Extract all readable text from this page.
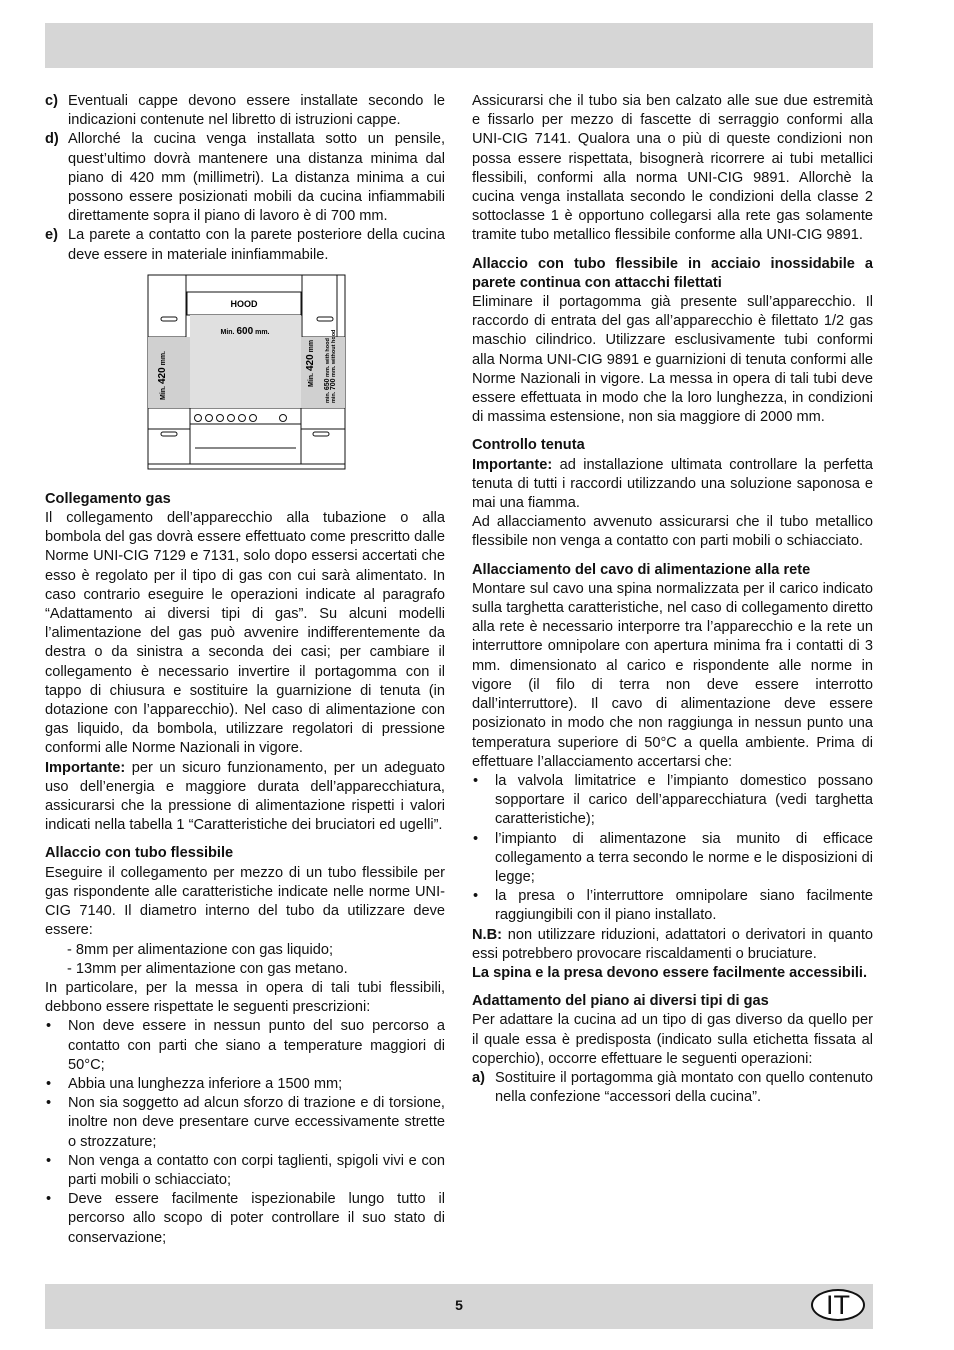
c) Eventuali cappe devono essere installate secondo le indicazioni contenute nel libretto di istruzioni cappe.
d) Allorché la cucina venga installata sotto un pensile, quest’ultimo dovrà mantenere una distanza minima dal piano di 420 mm (millimetri). La distanza minima a cui possono essere posizionati mobili da cucina infiammabili direttamente sopra il piano di lavoro è di 700 mm.
e) La parete a contatto con la parete posteriore della cucina deve essere in materiale ininfiammabile.
HOOD
Min. 600 mm.
Min. 420 mm.
Min. 420 mm
min. 650 mm. with hood
min. 700 mm. without hood

Collegamento gas

Il collegamento dell’apparecchio alla tubazione o alla bombola del gas dovrà essere effettuato come prescritto dalle Norme UNI-CIG 7129 e 7131, solo dopo essersi accertati che esso è regolato per il tipo di gas con cui sarà alimentato. In caso contrario eseguire le operazioni indicate al paragrafo “Adattamento ai diversi tipi di gas”. Su alcuni modelli l’alimentazione del gas può avvenire indifferentemente da destra o da sinistra a seconda dei casi; per cambiare il collegamento è necessario invertire il portagomma con il tappo di chiusura e sostituire la guarnizione di tenuta (in dotazione con l’apparecchio). Nel caso di alimentazione con gas liquido, da bombola, utilizzare regolatori di pressione conformi alle Norme Nazionali in vigore.

Importante: per un sicuro funzionamento, per un adeguato uso dell’energia e maggiore durata dell’apparecchiatura, assicurarsi che la pressione di alimentazione rispetti i valori indicati nella tabella 1 “Caratteristiche dei bruciatori ed ugelli”.

Allaccio con tubo flessibile

Eseguire il collegamento per mezzo di un tubo flessibile per gas rispondente alle caratteristiche indicate nelle norme UNI-CIG 7140. Il diametro interno del tubo da utilizzare deve essere:

- 8mm per alimentazione con gas liquido;

- 13mm per alimentazione con gas metano.

In particolare, per la messa in opera di tali tubi flessibili, debbono essere rispettate le seguenti prescrizioni:

• Non deve essere in nessun punto del suo percorso a contatto con parti che siano a temperature maggiori di 50°C;
• Abbia una lunghezza inferiore a 1500 mm;
• Non sia soggetto ad alcun sforzo di trazione e di torsione, inoltre non deve presentare curve eccessivamente strette o strozzature;
• Non venga a contatto con corpi taglienti, spigoli vivi e con parti mobili o schiacciato;
• Deve essere facilmente ispezionabile lungo tutto il percorso allo scopo di poter controllare il suo stato di conservazione;

Assicurarsi che il tubo sia ben calzato alle sue due estremità e fissarlo per mezzo di fascette di serraggio conformi alla UNI-CIG 7141. Qualora una o più di queste condizioni non possa essere rispettata, bisognerà ricorrere ai tubi metallici flessibili, conformi alla norma UNI-CIG 9891. Allorchè la cucina venga installata secondo le condizioni della classe 2 sottoclasse 1 è opportuno collegarsi alla rete gas solamente tramite tubo metallico flessibile conforme alla UNI-CIG 9891.

Allaccio con tubo flessibile in acciaio inossidabile a parete continua con attacchi filettati

Eliminare il portagomma già presente sull’apparecchio. Il raccordo di entrata del gas all’apparecchio è filettato 1/2 gas maschio cilindrico. Utilizzare esclusivamente tubi conformi alla Norma UNI-CIG 9891 e guarnizioni di tenuta conformi alle Norme Nazionali in vigore. La messa in opera di tali tubi deve essere effettuata in modo che la loro lunghezza, in condizioni di massima estensione, non sia maggiore di 2000 mm.

Controllo tenuta

Importante: ad installazione ultimata controllare la perfetta tenuta di tutti i raccordi utilizzando una soluzione saponosa e mai una fiamma.

Ad allacciamento avvenuto assicurarsi che il tubo metallico flessibile non venga a contatto con parti mobili o schiacciato.

Allacciamento del cavo di alimentazione alla rete

Montare sul cavo una spina normalizzata per il carico indicato sulla targhetta caratteristiche, nel caso di collegamento diretto alla rete è necessario interporre tra l’apparecchio e la rete un interruttore omnipolare con apertura minima fra i contatti di 3 mm. dimensionato al carico e rispondente alle norme in vigore (il filo di terra non deve essere interrotto dall’interruttore). Il cavo di alimentazione deve essere posizionato in modo che non raggiunga in nessun punto una temperatura superiore di 50°C a quella ambiente. Prima di effettuare l’allacciamento accertarsi che:

• la valvola limitatrice e l’impianto domestico possano sopportare il carico dell’apparecchiatura (vedi targhetta caratteristiche);
• l’impianto di alimentazone sia munito di efficace collegamento a terra secondo le norme e le disposizioni di legge;
• la presa o l’interruttore omnipolare siano facilmente raggiungibili con il piano installato.

N.B: non utilizzare riduzioni, adattatori o derivatori in quanto essi potrebbero provocare riscaldamenti o bruciature.

La spina e la presa devono essere facilmente accessibili.

Adattamento del piano ai diversi tipi di gas

Per adattare la cucina ad un tipo di gas diverso da quello per il quale essa è predisposta (indicato sulla etichetta fissata al coperchio), occorre effettuare le seguenti operazioni:

a) Sostituire il portagomma già montato con quello contenuto nella confezione “accessori della cucina”.
5	IT
